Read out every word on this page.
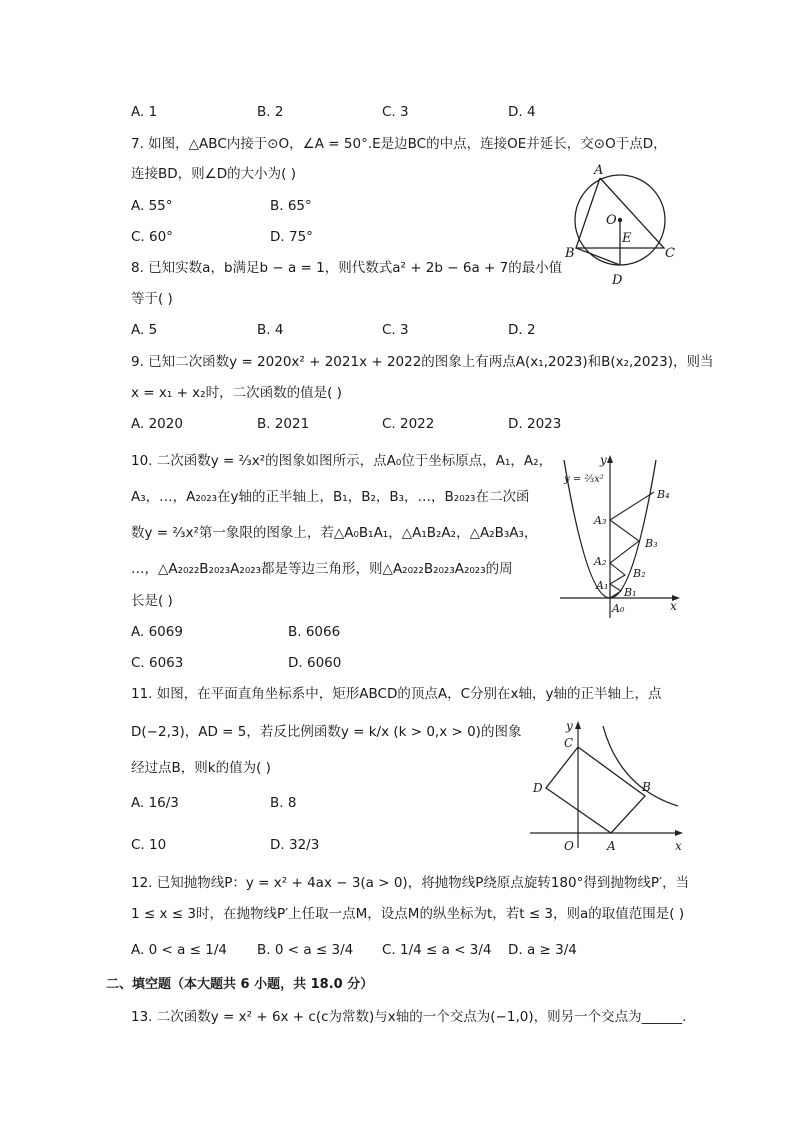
A. 1	B. 2	C. 3	D. 4
7. 如图，△ABC内接于⊙O，∠A = 50°.E是边BC的中点，连接OE并延长，交⊙O于点D，
连接BD，则∠D的大小为( )
A. 55°	B. 65°
C. 60°	D. 75°
A
O
B
E
C
D
8. 已知实数a，b满足b − a = 1，则代数式a² + 2b − 6a + 7的最小值
等于( )
A. 5	B. 4	C. 3	D. 2
9. 已知二次函数y = 2020x² + 2021x + 2022的图象上有两点A(x₁,2023)和B(x₂,2023)，则当
x = x₁ + x₂时，二次函数的值是( )
A. 2020	B. 2021	C. 2022	D. 2023
10. 二次函数y = ⅔x²的图象如图所示，点A₀位于坐标原点，A₁，A₂，
A₃，…，A₂₀₂₃在y轴的正半轴上，B₁，B₂，B₃，…，B₂₀₂₃在二次函
数y = ⅔x²第一象限的图象上，若△A₀B₁A₁，△A₁B₂A₂，△A₂B₃A₃，
…，△A₂₀₂₂B₂₀₂₃A₂₀₂₃都是等边三角形，则△A₂₀₂₂B₂₀₂₃A₂₀₂₃的周
长是( )
A. 6069	B. 6066
C. 6063	D. 6060
y
y = ⅔x²
B₄
A₃
B₃
A₂
B₂
A₁
B₁
A₀	x
11. 如图，在平面直角坐标系中，矩形ABCD的顶点A，C分别在x轴，y轴的正半轴上，点
D(−2,3)，AD = 5，若反比例函数y = k/x (k > 0,x > 0)的图象
经过点B，则k的值为( )
A. 16/3	B. 8
C. 10	D. 32/3
y
C
D	B
O	A	x
12. 已知抛物线P：y = x² + 4ax − 3(a > 0)，将抛物线P绕原点旋转180°得到抛物线P′，当
1 ≤ x ≤ 3时，在抛物线P′上任取一点M，设点M的纵坐标为t，若t ≤ 3，则a的取值范围是( )
A. 0 < a ≤ 1/4 B. 0 < a ≤ 3/4 C. 1/4 ≤ a < 3/4 D. a ≥ 3/4
二、填空题（本大题共 6 小题，共 18.0 分）
13. 二次函数y = x² + 6x + c(c为常数)与x轴的一个交点为(−1,0)，则另一个交点为______.
